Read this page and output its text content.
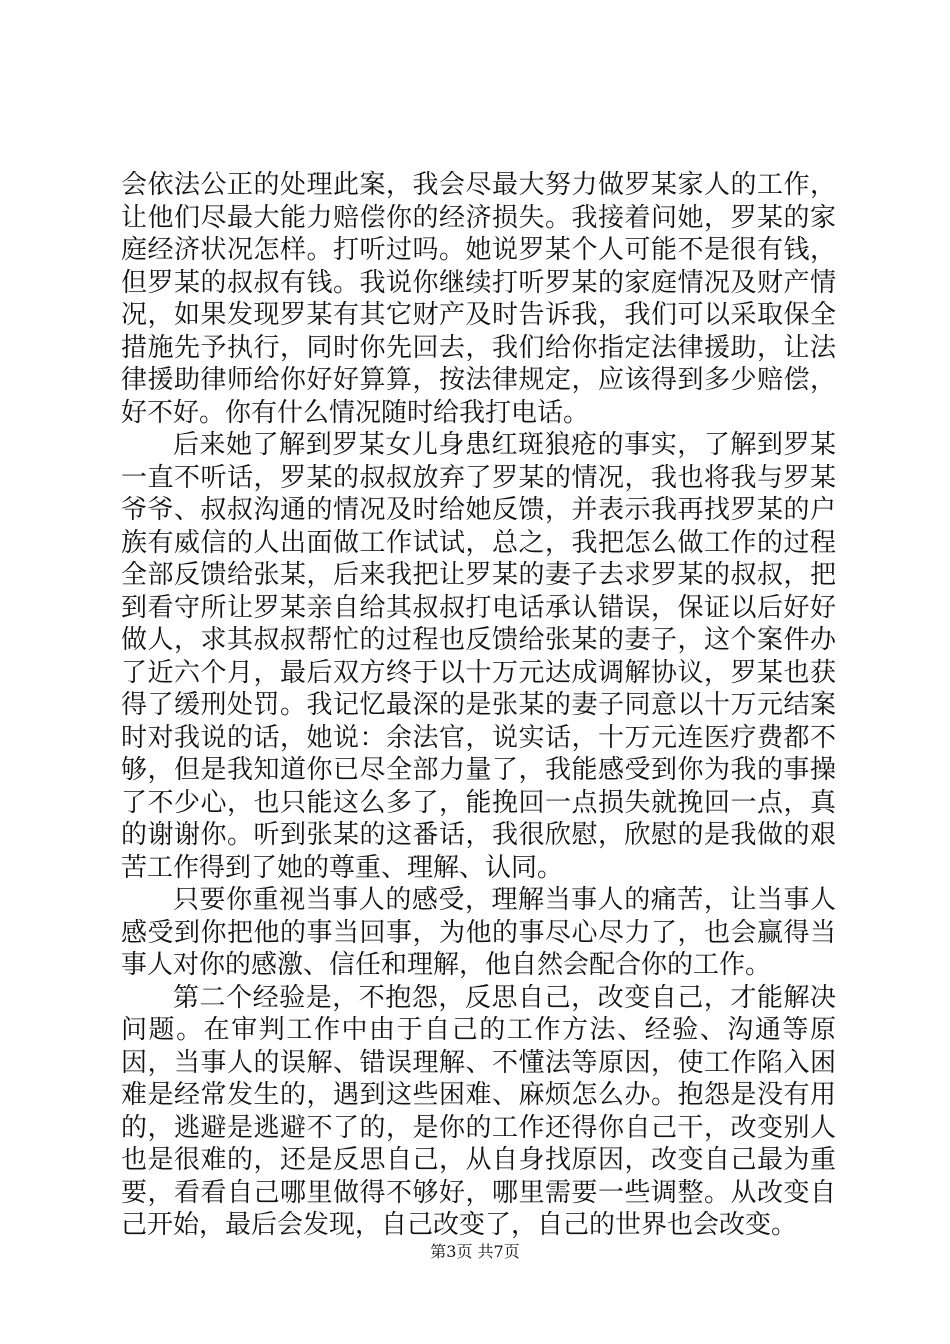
会依法公正的处理此案，我会尽最大努力做罗某家人的工作，让他们尽最大能力赔偿你的经济损失。我接着问她，罗某的家庭经济状况怎样。打听过吗。她说罗某个人可能不是很有钱，但罗某的叔叔有钱。我说你继续打听罗某的家庭情况及财产情况，如果发现罗某有其它财产及时告诉我，我们可以采取保全措施先予执行，同时你先回去，我们给你指定法律援助，让法律援助律师给你好好算算，按法律规定，应该得到多少赔偿，好不好。你有什么情况随时给我打电话。

后来她了解到罗某女儿身患红斑狼疮的事实，了解到罗某一直不听话，罗某的叔叔放弃了罗某的情况，我也将我与罗某爷爷、叔叔沟通的情况及时给她反馈，并表示我再找罗某的户族有威信的人出面做工作试试，总之，我把怎么做工作的过程全部反馈给张某，后来我把让罗某的妻子去求罗某的叔叔，把到看守所让罗某亲自给其叔叔打电话承认错误，保证以后好好做人，求其叔叔帮忙的过程也反馈给张某的妻子，这个案件办了近六个月，最后双方终于以十万元达成调解协议，罗某也获得了缓刑处罚。我记忆最深的是张某的妻子同意以十万元结案时对我说的话，她说：余法官，说实话，十万元连医疗费都不够，但是我知道你已尽全部力量了，我能感受到你为我的事操了不少心，也只能这么多了，能挽回一点损失就挽回一点，真的谢谢你。听到张某的这番话，我很欣慰，欣慰的是我做的艰苦工作得到了她的尊重、理解、认同。

只要你重视当事人的感受，理解当事人的痛苦，让当事人感受到你把他的事当回事，为他的事尽心尽力了，也会赢得当事人对你的感激、信任和理解，他自然会配合你的工作。

第二个经验是，不抱怨，反思自己，改变自己，才能解决问题。在审判工作中由于自己的工作方法、经验、沟通等原因，当事人的误解、错误理解、不懂法等原因，使工作陷入困难是经常发生的，遇到这些困难、麻烦怎么办。抱怨是没有用的，逃避是逃避不了的，是你的工作还得你自己干，改变别人也是很难的，还是反思自己，从自身找原因，改变自己最为重要，看看自己哪里做得不够好，哪里需要一些调整。从改变自己开始，最后会发现，自己改变了，自己的世界也会改变。

第3页 共7页
